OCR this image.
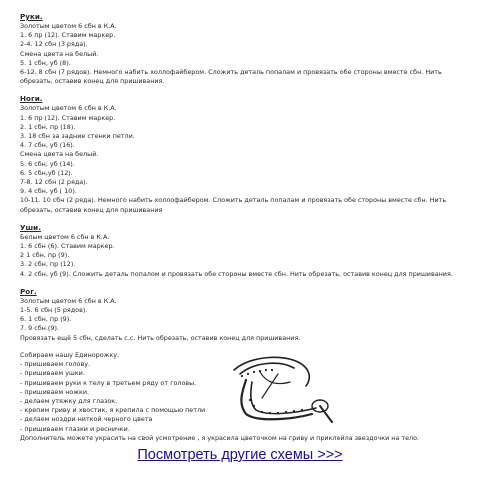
Руки.
Золотым цветом 6 сбн в К.А.
1. 6 пр (12). Ставим маркер.
2-4. 12 сбн (3 ряда).
Смена цвета на белый.
5. 1 сбн, уб (8).
6-12. 8 сбн (7 рядов). Немного набить холлофайбером. Сложить деталь попалам и провязать обе стороны вместе сбн. Нить обрезать, оставив конец для пришивания.
Ноги.
Золотым цветом 6 сбн в К.А.
1. 6 пр (12). Ставим маркер.
2. 1 сбн, пр (18).
3. 18 сбн за задние стенки петли.
4. 7 сбн, уб (16).
Смена цвета на белый.
5. 6 сбн, уб (14).
6. 5 сбн,уб (12).
7-8. 12 сбн (2 ряда).
9. 4 сбн, уб ( 10).
10-11. 10 сбн (2 ряда). Немного набить холлофайбером. Сложить деталь попалам и провязать обе стороны вместе сбн. Нить обрезать, оставив конец для пришивания
Уши.
Белым цветом 6 сбн в К.А.
1. 6 сбн (6). Ставим маркер.
2 1 сбн, пр (9).
3. 2 сбн, пр (12).
4. 2 сбн, уб (9). Сложить деталь попалом и провязать обе стороны вместе сбн. Нить обрезать, оставив конец для пришивания.
Рог.
Золотым цветом 6 сбн в К.А.
1-5. 6 сбн (5 рядов).
6. 1 сбн, пр (9).
7. 9 сбн.(9).
Провязать ещё 5 сбн, сделать с.с. Нить обрезать, оставив конец для пришивания.
Собираем нашу Единорожку:
- пришиваем голову.
- пришиваем ушки.
- пришиваем руки к телу в третьем ряду от головы.
- пришиваем ножки.
- делаем утяжку для глазок.
- крепим гриву и хвостик, я крепила с помощью петли
- делаем ноздри ниткой черного цвета
- пришиваем глазки и реснички.
Дополнитель можете украсить на свой усмотрение , я украсила цветочком на гриву и приклейла звездочки на тело.
Посмотреть другие схемы >>>
